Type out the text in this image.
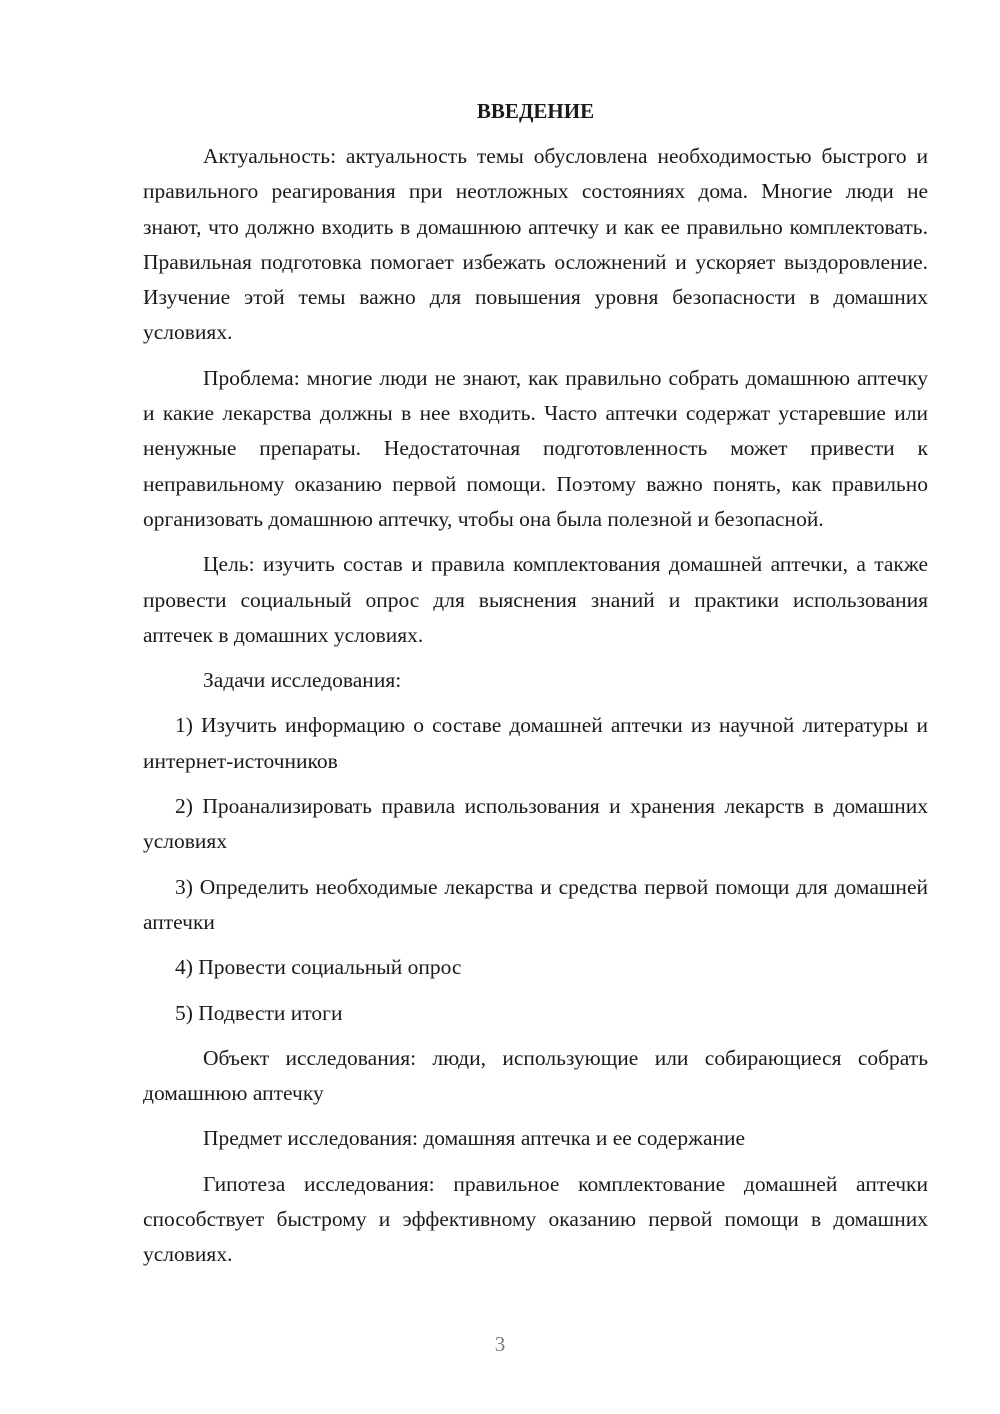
ВВЕДЕНИЕ

Актуальность: актуальность темы обусловлена необходимостью быстрого и правильного реагирования при неотложных состояниях дома. Многие люди не знают, что должно входить в домашнюю аптечку и как ее правильно комплектовать. Правильная подготовка помогает избежать осложнений и ускоряет выздоровление. Изучение этой темы важно для повышения уровня безопасности в домашних условиях.

Проблема: многие люди не знают, как правильно собрать домашнюю аптечку и какие лекарства должны в нее входить. Часто аптечки содержат устаревшие или ненужные препараты. Недостаточная подготовленность может привести к неправильному оказанию первой помощи. Поэтому важно понять, как правильно организовать домашнюю аптечку, чтобы она была полезной и безопасной.

Цель: изучить состав и правила комплектования домашней аптечки, а также провести социальный опрос для выяснения знаний и практики использования аптечек в домашних условиях.

Задачи исследования:

1) Изучить информацию о составе домашней аптечки из научной литературы и интернет-источников

2) Проанализировать правила использования и хранения лекарств в домашних условиях

3) Определить необходимые лекарства и средства первой помощи для домашней аптечки

4) Провести социальный опрос

5) Подвести итоги

Объект исследования: люди, использующие или собирающиеся собрать домашнюю аптечку

Предмет исследования: домашняя аптечка и ее содержание

Гипотеза исследования: правильное комплектование домашней аптечки способствует быстрому и эффективному оказанию первой помощи в домашних условиях.

3
